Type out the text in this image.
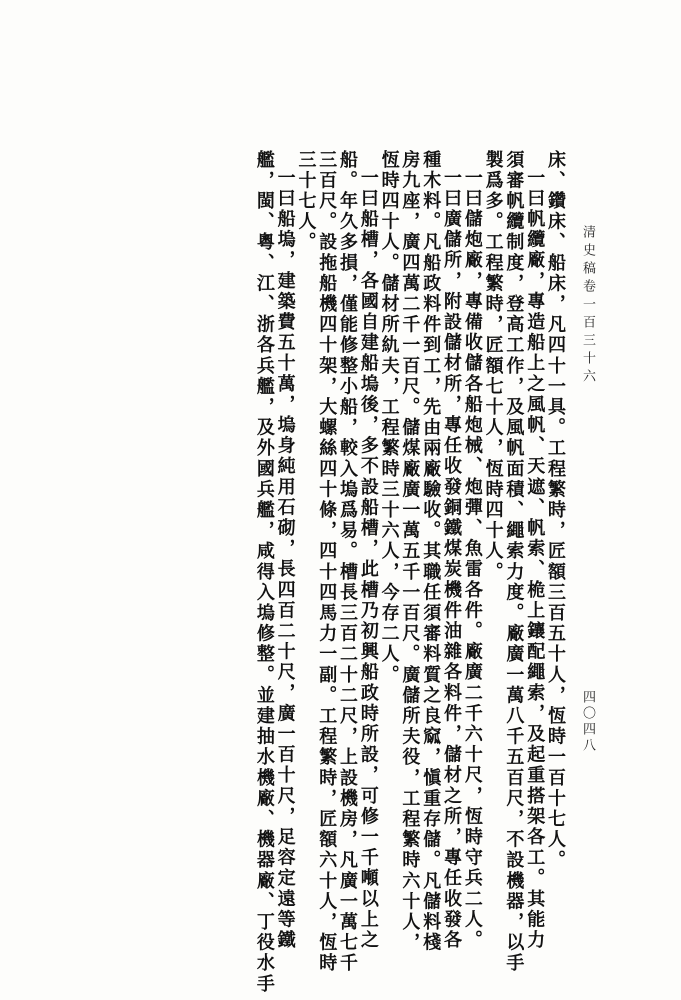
清史稿卷一百三十六
四〇四八

床、鑽床、船床，凡四十一具。工程繁時，匠額三百五十人，恆時一百十七人。

一曰帆纜廠，專造船上之風帆、天遮、帆索、桅上鑲配繩索，及起重搭架各工。其能力

須審帆纜制度，登高工作，及風帆面積、繩索力度。廠廣一萬八千五百尺，不設機器，以手

製爲多。工程繁時，匠額七十人，恆時四十人。

一曰儲炮廠，專備收儲各船炮械、炮彈、魚雷各件。廠廣二千六十尺，恆時守兵二人。

一曰廣儲所，附設儲材所，專任收發銅鐵煤炭機件油雜各料件，儲材之所，專任收發各

種木料。凡船政料件到工，先由兩廠驗收。其職任須審料質之良窳，愼重存儲。凡儲料棧

房九座，廣四萬二千一百尺。儲煤廠廣一萬五千一百尺。廣儲所夫役，工程繁時六十人，

恆時四十人。儲材所䊵夫，工程繁時三十六人，今存二人。

一曰船槽，各國自建船塢後，多不設船槽，此槽乃初興船政時所設，可修一千噸以上之

船。年久多損，僅能修整小船，較入塢爲易。槽長三百二十二尺，上設機房，凡廣一萬七千

三百尺。設拖船機四十架，大螺絲四十條，四十四馬力一副。工程繁時，匠額六十人，恆時

三十七人。

一曰船塢，建築費五十萬，塢身純用石砌，長四百二十尺，廣一百十尺，足容定遠等鐵

艦，閩、粵、江、浙各兵艦，及外國兵艦，咸得入塢修整。並建抽水機廠、機器廠、丁役水手
